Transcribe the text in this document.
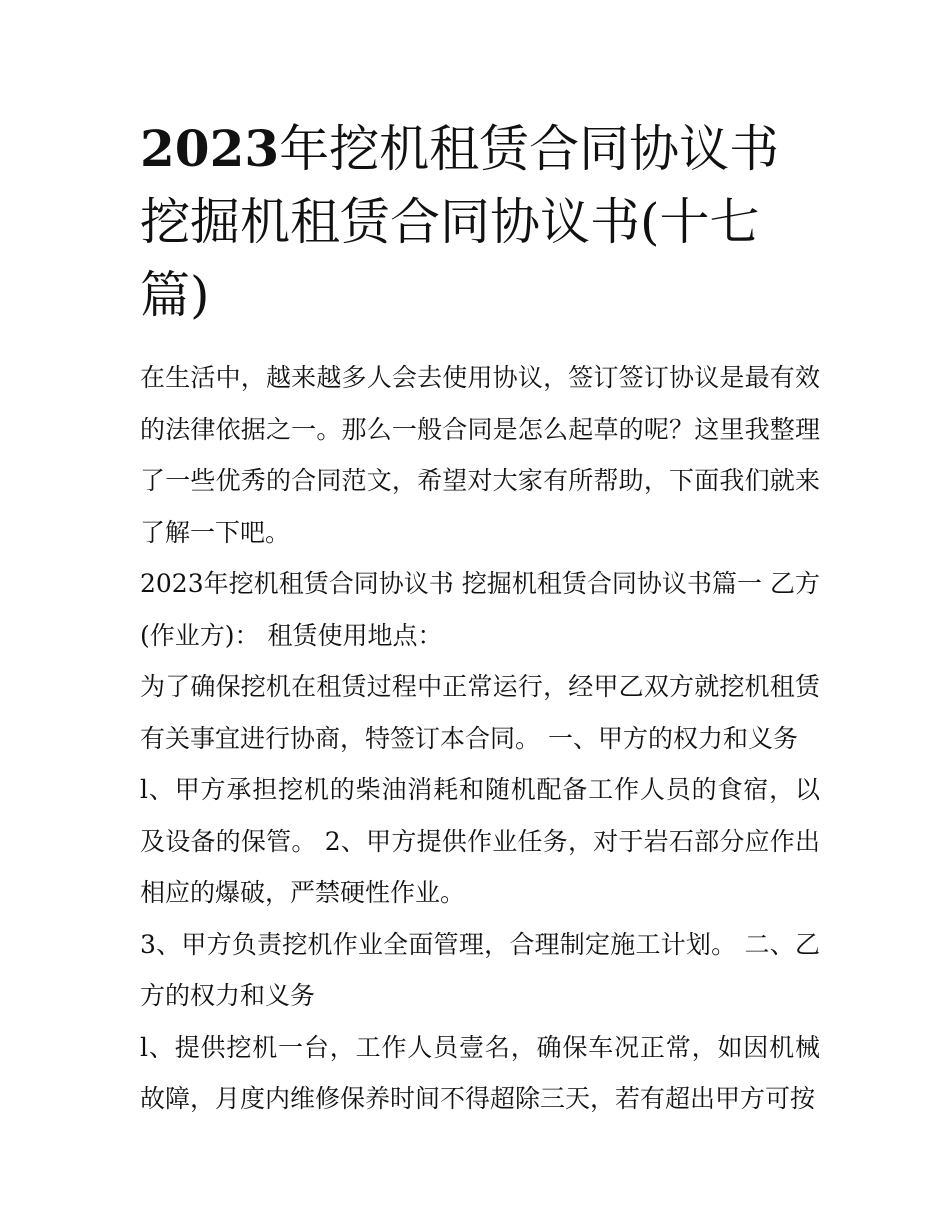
2023年挖机租赁合同协议书 挖掘机租赁合同协议书(十七篇)

在生活中，越来越多人会去使用协议，签订签订协议是最有效的法律依据之一。那么一般合同是怎么起草的呢？这里我整理了一些优秀的合同范文，希望对大家有所帮助，下面我们就来了解一下吧。

2023年挖机租赁合同协议书 挖掘机租赁合同协议书篇一 乙方(作业方)： 租赁使用地点：

为了确保挖机在租赁过程中正常运行，经甲乙双方就挖机租赁有关事宜进行协商，特签订本合同。 一、甲方的权力和义务

l、甲方承担挖机的柴油消耗和随机配备工作人员的食宿，以及设备的保管。 2、甲方提供作业任务，对于岩石部分应作出相应的爆破，严禁硬性作业。

3、甲方负责挖机作业全面管理，合理制定施工计划。 二、乙方的权力和义务

l、提供挖机一台，工作人员壹名，确保车况正常，如因机械故障，月度内维修保养时间不得超除三天，若有超出甲方可按
